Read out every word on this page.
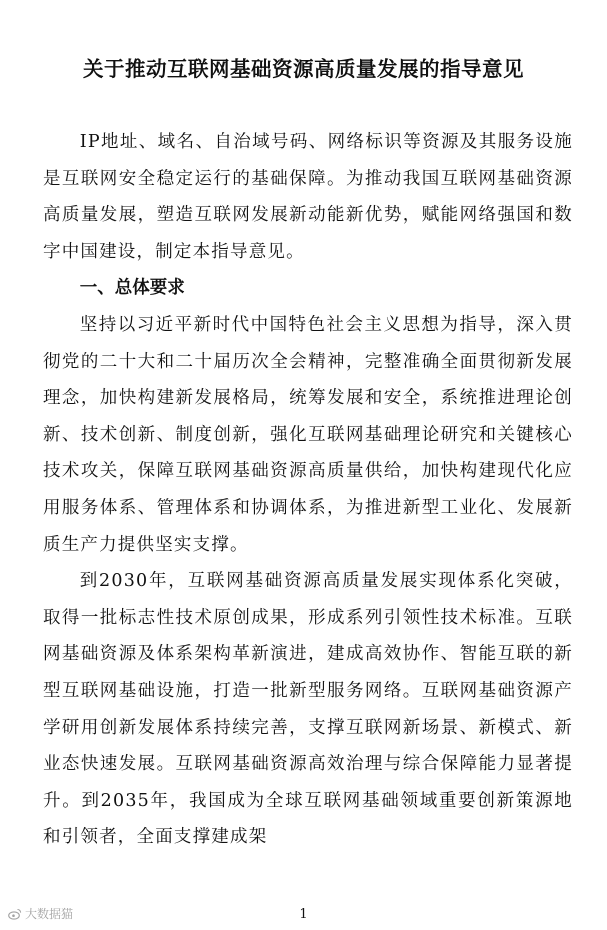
关于推动互联网基础资源高质量发展的指导意见

IP地址、域名、自治域号码、网络标识等资源及其服务设施是互联网安全稳定运行的基础保障。为推动我国互联网基础资源高质量发展，塑造互联网发展新动能新优势，赋能网络强国和数字中国建设，制定本指导意见。

一、总体要求

坚持以习近平新时代中国特色社会主义思想为指导，深入贯彻党的二十大和二十届历次全会精神，完整准确全面贯彻新发展理念，加快构建新发展格局，统筹发展和安全，系统推进理论创新、技术创新、制度创新，强化互联网基础理论研究和关键核心技术攻关，保障互联网基础资源高质量供给，加快构建现代化应用服务体系、管理体系和协调体系，为推进新型工业化、发展新质生产力提供坚实支撑。

到2030年，互联网基础资源高质量发展实现体系化突破，取得一批标志性技术原创成果，形成系列引领性技术标准。互联网基础资源及体系架构革新演进，建成高效协作、智能互联的新型互联网基础设施，打造一批新型服务网络。互联网基础资源产学研用创新发展体系持续完善，支撑互联网新场景、新模式、新业态快速发展。互联网基础资源高效治理与综合保障能力显著提升。到2035年，我国成为全球互联网基础领域重要创新策源地和引领者，全面支撑建成架

大数据猫	1
